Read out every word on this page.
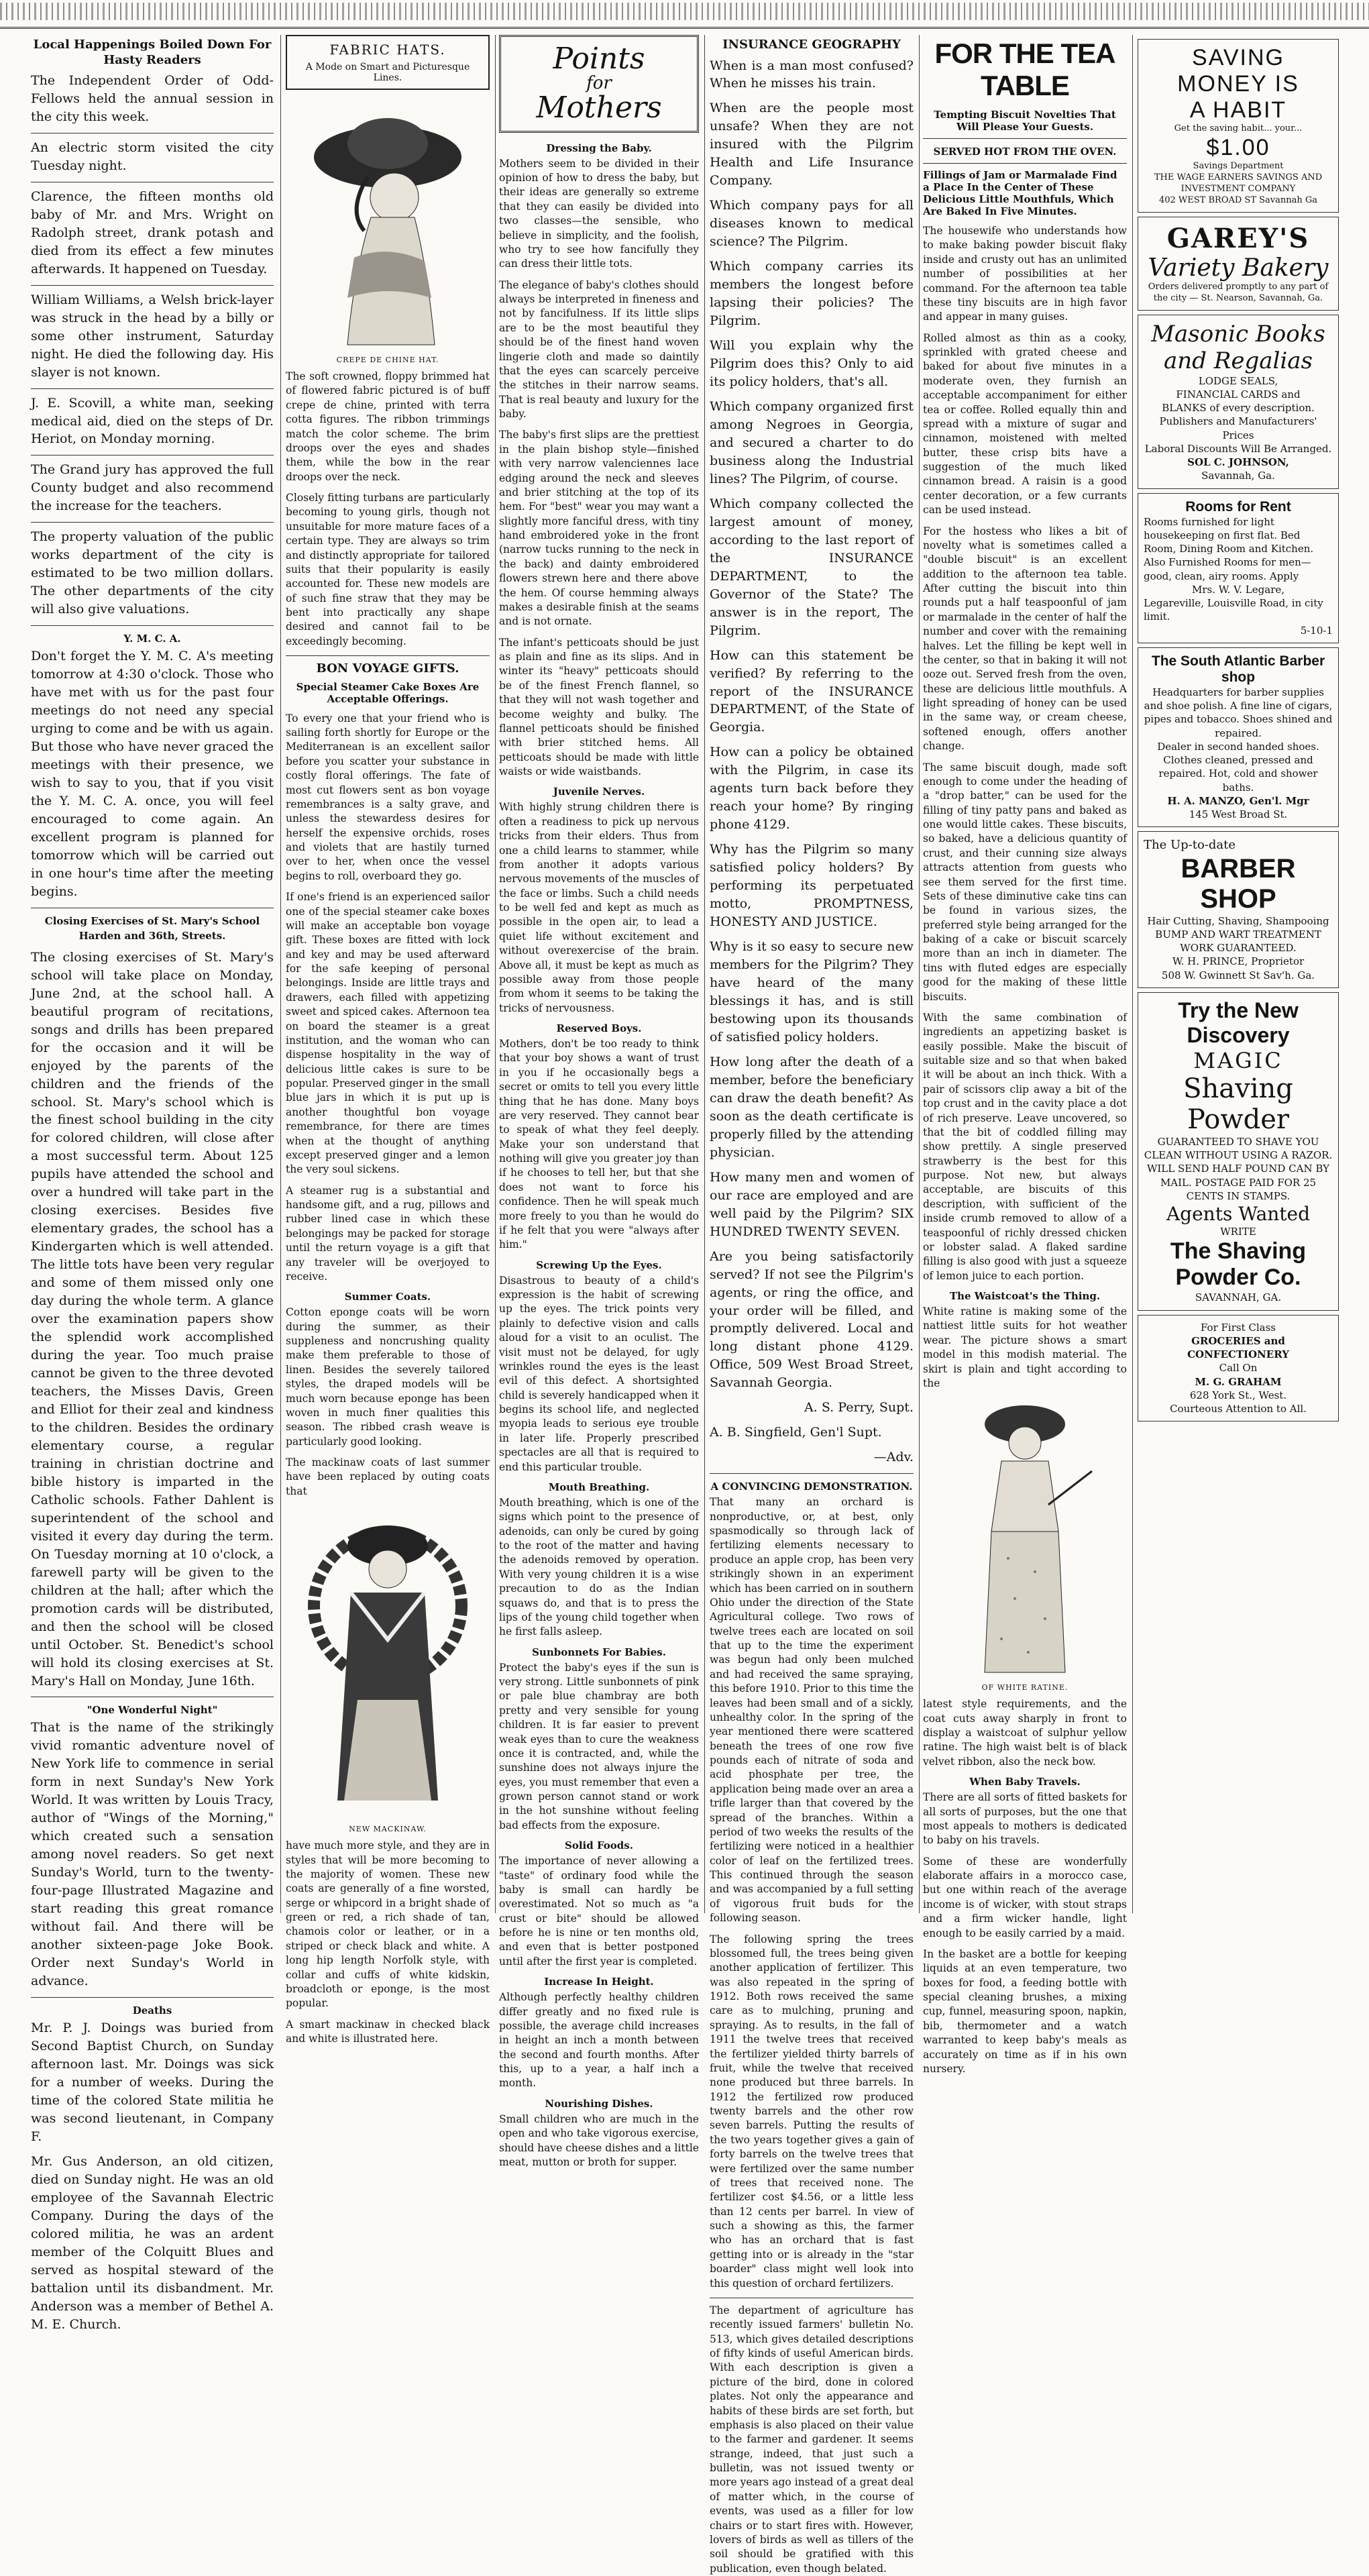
Local Happenings Boiled Down For Hasty Readers

The Independent Order of Odd-Fellows held the annual session in the city this week.

An electric storm visited the city Tuesday night.

Clarence, the fifteen months old baby of Mr. and Mrs. Wright on Radolph street, drank potash and died from its effect a few minutes afterwards. It happened on Tuesday.

William Williams, a Welsh brick-layer was struck in the head by a billy or some other instrument, Saturday night. He died the following day. His slayer is not known.

J. E. Scovill, a white man, seeking medical aid, died on the steps of Dr. Heriot, on Monday morning.

The Grand jury has approved the full County budget and also recommend the increase for the teachers.

The property valuation of the public works department of the city is estimated to be two million dollars. The other departments of the city will also give valuations.

Y. M. C. A.

Don't forget the Y. M. C. A's meeting tomorrow at 4:30 o'clock. Those who have met with us for the past four meetings do not need any special urging to come and be with us again. But those who have never graced the meetings with their presence, we wish to say to you, that if you visit the Y. M. C. A. once, you will feel encouraged to come again. An excellent program is planned for tomorrow which will be carried out in one hour's time after the meeting begins.

Closing Exercises of St. Mary's School
Harden and 36th, Streets.

The closing exercises of St. Mary's school will take place on Monday, June 2nd, at the school hall. A beautiful program of recitations, songs and drills has been prepared for the occasion and it will be enjoyed by the parents of the children and the friends of the school. St. Mary's school which is the finest school building in the city for colored children, will close after a most successful term. About 125 pupils have attended the school and over a hundred will take part in the closing exercises. Besides five elementary grades, the school has a Kindergarten which is well attended. The little tots have been very regular and some of them missed only one day during the whole term. A glance over the examination papers show the splendid work accomplished during the year. Too much praise cannot be given to the three devoted teachers, the Misses Davis, Green and Elliot for their zeal and kindness to the children. Besides the ordinary elementary course, a regular training in christian doctrine and bible history is imparted in the Catholic schools. Father Dahlent is superintendent of the school and visited it every day during the term. On Tuesday morning at 10 o'clock, a farewell party will be given to the children at the hall; after which the promotion cards will be distributed, and then the school will be closed until October. St. Benedict's school will hold its closing exercises at St. Mary's Hall on Monday, June 16th.

"One Wonderful Night"

That is the name of the strikingly vivid romantic adventure novel of New York life to commence in serial form in next Sunday's New York World. It was written by Louis Tracy, author of "Wings of the Morning," which created such a sensation among novel readers. So get next Sunday's World, turn to the twenty-four-page Illustrated Magazine and start reading this great romance without fail. And there will be another sixteen-page Joke Book. Order next Sunday's World in advance.

Deaths

Mr. P. J. Doings was buried from Second Baptist Church, on Sunday afternoon last. Mr. Doings was sick for a number of weeks. During the time of the colored State militia he was second lieutenant, in Company F.

Mr. Gus Anderson, an old citizen, died on Sunday night. He was an old employee of the Savannah Electric Company. During the days of the colored militia, he was an ardent member of the Colquitt Blues and served as hospital steward of the battalion until its disbandment. Mr. Anderson was a member of Bethel A. M. E. Church.

FABRIC HATS.
A Mode on Smart and Picturesque Lines.
CREPE DE CHINE HAT.

The soft crowned, floppy brimmed hat of flowered fabric pictured is of buff crepe de chine, printed with terra cotta figures. The ribbon trimmings match the color scheme. The brim droops over the eyes and shades them, while the bow in the rear droops over the neck.

Closely fitting turbans are particularly becoming to young girls, though not unsuitable for more mature faces of a certain type. They are always so trim and distinctly appropriate for tailored suits that their popularity is easily accounted for. These new models are of such fine straw that they may be bent into practically any shape desired and cannot fail to be exceedingly becoming.

BON VOYAGE GIFTS.
Special Steamer Cake Boxes Are Acceptable Offerings.

To every one that your friend who is sailing forth shortly for Europe or the Mediterranean is an excellent sailor before you scatter your substance in costly floral offerings. The fate of most cut flowers sent as bon voyage remembrances is a salty grave, and unless the stewardess desires for herself the expensive orchids, roses and violets that are hastily turned over to her, when once the vessel begins to roll, overboard they go.

If one's friend is an experienced sailor one of the special steamer cake boxes will make an acceptable bon voyage gift. These boxes are fitted with lock and key and may be used afterward for the safe keeping of personal belongings. Inside are little trays and drawers, each filled with appetizing sweet and spiced cakes. Afternoon tea on board the steamer is a great institution, and the woman who can dispense hospitality in the way of delicious little cakes is sure to be popular. Preserved ginger in the small blue jars in which it is put up is another thoughtful bon voyage remembrance, for there are times when at the thought of anything except preserved ginger and a lemon the very soul sickens.

A steamer rug is a substantial and handsome gift, and a rug, pillows and rubber lined case in which these belongings may be packed for storage until the return voyage is a gift that any traveler will be overjoyed to receive.

Summer Coats.

Cotton eponge coats will be worn during the summer, as their suppleness and noncrushing quality make them preferable to those of linen. Besides the severely tailored styles, the draped models will be much worn because eponge has been woven in much finer qualities this season. The ribbed crash weave is particularly good looking.

The mackinaw coats of last summer have been replaced by outing coats that

NEW MACKINAW.

have much more style, and they are in styles that will be more becoming to the majority of women. These new coats are generally of a fine worsted, serge or whipcord in a bright shade of green or red, a rich shade of tan, chamois color or leather, or in a striped or check black and white. A long hip length Norfolk style, with collar and cuffs of white kidskin, broadcloth or eponge, is the most popular.

A smart mackinaw in checked black and white is illustrated here.

Points
for
Mothers
Dressing the Baby.

Mothers seem to be divided in their opinion of how to dress the baby, but their ideas are generally so extreme that they can easily be divided into two classes—the sensible, who believe in simplicity, and the foolish, who try to see how fancifully they can dress their little tots.

The elegance of baby's clothes should always be interpreted in fineness and not by fancifulness. If its little slips are to be the most beautiful they should be of the finest hand woven lingerie cloth and made so daintily that the eyes can scarcely perceive the stitches in their narrow seams. That is real beauty and luxury for the baby.

The baby's first slips are the prettiest in the plain bishop style—finished with very narrow valenciennes lace edging around the neck and sleeves and brier stitching at the top of its hem. For "best" wear you may want a slightly more fanciful dress, with tiny hand embroidered yoke in the front (narrow tucks running to the neck in the back) and dainty embroidered flowers strewn here and there above the hem. Of course hemming always makes a desirable finish at the seams and is not ornate.

The infant's petticoats should be just as plain and fine as its slips. And in winter its "heavy" petticoats should be of the finest French flannel, so that they will not wash together and become weighty and bulky. The flannel petticoats should be finished with brier stitched hems. All petticoats should be made with little waists or wide waistbands.

Juvenile Nerves.

With highly strung children there is often a readiness to pick up nervous tricks from their elders. Thus from one a child learns to stammer, while from another it adopts various nervous movements of the muscles of the face or limbs. Such a child needs to be well fed and kept as much as possible in the open air, to lead a quiet life without excitement and without overexercise of the brain. Above all, it must be kept as much as possible away from those people from whom it seems to be taking the tricks of nervousness.

Reserved Boys.

Mothers, don't be too ready to think that your boy shows a want of trust in you if he occasionally begs a secret or omits to tell you every little thing that he has done. Many boys are very reserved. They cannot bear to speak of what they feel deeply. Make your son understand that nothing will give you greater joy than if he chooses to tell her, but that she does not want to force his confidence. Then he will speak much more freely to you than he would do if he felt that you were "always after him."

Screwing Up the Eyes.

Disastrous to beauty of a child's expression is the habit of screwing up the eyes. The trick points very plainly to defective vision and calls aloud for a visit to an oculist. The visit must not be delayed, for ugly wrinkles round the eyes is the least evil of this defect. A shortsighted child is severely handicapped when it begins its school life, and neglected myopia leads to serious eye trouble in later life. Properly prescribed spectacles are all that is required to end this particular trouble.

Mouth Breathing.

Mouth breathing, which is one of the signs which point to the presence of adenoids, can only be cured by going to the root of the matter and having the adenoids removed by operation. With very young children it is a wise precaution to do as the Indian squaws do, and that is to press the lips of the young child together when he first falls asleep.

Sunbonnets For Babies.

Protect the baby's eyes if the sun is very strong. Little sunbonnets of pink or pale blue chambray are both pretty and very sensible for young children. It is far easier to prevent weak eyes than to cure the weakness once it is contracted, and, while the sunshine does not always injure the eyes, you must remember that even a grown person cannot stand or work in the hot sunshine without feeling bad effects from the exposure.

Solid Foods.

The importance of never allowing a "taste" of ordinary food while the baby is small can hardly be overestimated. Not so much as "a crust or bite" should be allowed before he is nine or ten months old, and even that is better postponed until after the first year is completed.

Increase In Height.

Although perfectly healthy children differ greatly and no fixed rule is possible, the average child increases in height an inch a month between the second and fourth months. After this, up to a year, a half inch a month.

Nourishing Dishes.

Small children who are much in the open and who take vigorous exercise, should have cheese dishes and a little meat, mutton or broth for supper.

INSURANCE GEOGRAPHY

When is a man most confused? When he misses his train.

When are the people most unsafe? When they are not insured with the Pilgrim Health and Life Insurance Company.

Which company pays for all diseases known to medical science? The Pilgrim.

Which company carries its members the longest before lapsing their policies? The Pilgrim.

Will you explain why the Pilgrim does this? Only to aid its policy holders, that's all.

Which company organized first among Negroes in Georgia, and secured a charter to do business along the Industrial lines? The Pilgrim, of course.

Which company collected the largest amount of money, according to the last report of the INSURANCE DEPARTMENT, to the Governor of the State? The answer is in the report, The Pilgrim.

How can this statement be verified? By referring to the report of the INSURANCE DEPARTMENT, of the State of Georgia.

How can a policy be obtained with the Pilgrim, in case its agents turn back before they reach your home? By ringing phone 4129.

Why has the Pilgrim so many satisfied policy holders? By performing its perpetuated motto, PROMPTNESS, HONESTY AND JUSTICE.

Why is it so easy to secure new members for the Pilgrim? They have heard of the many blessings it has, and is still bestowing upon its thousands of satisfied policy holders.

How long after the death of a member, before the beneficiary can draw the death benefit? As soon as the death certificate is properly filled by the attending physician.

How many men and women of our race are employed and are well paid by the Pilgrim? SIX HUNDRED TWENTY SEVEN.

Are you being satisfactorily served? If not see the Pilgrim's agents, or ring the office, and your order will be filled, and promptly delivered. Local and long distant phone 4129. Office, 509 West Broad Street, Savannah Georgia.

A. S. Perry, Supt.

A. B. Singfield, Gen'l Supt.

—Adv.

A CONVINCING DEMONSTRATION.

That many an orchard is nonproductive, or, at best, only spasmodically so through lack of fertilizing elements necessary to produce an apple crop, has been very strikingly shown in an experiment which has been carried on in southern Ohio under the direction of the State Agricultural college. Two rows of twelve trees each are located on soil that up to the time the experiment was begun had only been mulched and had received the same spraying, this before 1910. Prior to this time the leaves had been small and of a sickly, unhealthy color. In the spring of the year mentioned there were scattered beneath the trees of one row five pounds each of nitrate of soda and acid phosphate per tree, the application being made over an area a trifle larger than that covered by the spread of the branches. Within a period of two weeks the results of the fertilizing were noticed in a healthier color of leaf on the fertilized trees. This continued through the season and was accompanied by a full setting of vigorous fruit buds for the following season.

The following spring the trees blossomed full, the trees being given another application of fertilizer. This was also repeated in the spring of 1912. Both rows received the same care as to mulching, pruning and spraying. As to results, in the fall of 1911 the twelve trees that received the fertilizer yielded thirty barrels of fruit, while the twelve that received none produced but three barrels. In 1912 the fertilized row produced twenty barrels and the other row seven barrels. Putting the results of the two years together gives a gain of forty barrels on the twelve trees that were fertilized over the same number of trees that received none. The fertilizer cost $4.56, or a little less than 12 cents per barrel. In view of such a showing as this, the farmer who has an orchard that is fast getting into or is already in the "star boarder" class might well look into this question of orchard fertilizers.

The department of agriculture has recently issued farmers' bulletin No. 513, which gives detailed descriptions of fifty kinds of useful American birds. With each description is given a picture of the bird, done in colored plates. Not only the appearance and habits of these birds are set forth, but emphasis is also placed on their value to the farmer and gardener. It seems strange, indeed, that just such a bulletin, was not issued twenty or more years ago instead of a great deal of matter which, in the course of events, was used as a filler for low chairs or to start fires with. However, lovers of birds as well as tillers of the soil should be gratified with this publication, even though belated.

FOR THE TEA TABLE
Tempting Biscuit Novelties That Will Please Your Guests.
SERVED HOT FROM THE OVEN.
Fillings of Jam or Marmalade Find a Place In the Center of These Delicious Little Mouthfuls, Which Are Baked In Five Minutes.

The housewife who understands how to make baking powder biscuit flaky inside and crusty out has an unlimited number of possibilities at her command. For the afternoon tea table these tiny biscuits are in high favor and appear in many guises.

Rolled almost as thin as a cooky, sprinkled with grated cheese and baked for about five minutes in a moderate oven, they furnish an acceptable accompaniment for either tea or coffee. Rolled equally thin and spread with a mixture of sugar and cinnamon, moistened with melted butter, these crisp bits have a suggestion of the much liked cinnamon bread. A raisin is a good center decoration, or a few currants can be used instead.

For the hostess who likes a bit of novelty what is sometimes called a "double biscuit" is an excellent addition to the afternoon tea table. After cutting the biscuit into thin rounds put a half teaspoonful of jam or marmalade in the center of half the number and cover with the remaining halves. Let the filling be kept well in the center, so that in baking it will not ooze out. Served fresh from the oven, these are delicious little mouthfuls. A light spreading of honey can be used in the same way, or cream cheese, softened enough, offers another change.

The same biscuit dough, made soft enough to come under the heading of a "drop batter," can be used for the filling of tiny patty pans and baked as one would little cakes. These biscuits, so baked, have a delicious quantity of crust, and their cunning size always attracts attention from guests who see them served for the first time. Sets of these diminutive cake tins can be found in various sizes, the preferred style being arranged for the baking of a cake or biscuit scarcely more than an inch in diameter. The tins with fluted edges are especially good for the making of these little biscuits.

With the same combination of ingredients an appetizing basket is easily possible. Make the biscuit of suitable size and so that when baked it will be about an inch thick. With a pair of scissors clip away a bit of the top crust and in the cavity place a dot of rich preserve. Leave uncovered, so that the bit of coddled filling may show prettily. A single preserved strawberry is the best for this purpose. Not new, but always acceptable, are biscuits of this description, with sufficient of the inside crumb removed to allow of a teaspoonful of richly dressed chicken or lobster salad. A flaked sardine filling is also good with just a squeeze of lemon juice to each portion.

The Waistcoat's the Thing.

White ratine is making some of the nattiest little suits for hot weather wear. The picture shows a smart model in this modish material. The skirt is plain and tight according to the

OF WHITE RATINE.

latest style requirements, and the coat cuts away sharply in front to display a waistcoat of sulphur yellow ratine. The high waist belt is of black velvet ribbon, also the neck bow.

When Baby Travels.

There are all sorts of fitted baskets for all sorts of purposes, but the one that most appeals to mothers is dedicated to baby on his travels.

Some of these are wonderfully elaborate affairs in a morocco case, but one within reach of the average income is of wicker, with stout straps and a firm wicker handle, light enough to be easily carried by a maid.

In the basket are a bottle for keeping liquids at an even temperature, two boxes for food, a feeding bottle with special cleaning brushes, a mixing cup, funnel, measuring spoon, napkin, bib, thermometer and a watch warranted to keep baby's meals as accurately on time as if in his own nursery.

SAVING
MONEY IS
A HABIT
Get the saving habit... your...
$1.00
Savings Department
THE WAGE EARNERS SAVINGS AND INVESTMENT COMPANY
402 WEST BROAD ST Savannah Ga
GAREY'S
Variety Bakery
Orders delivered promptly to any part of the city — St. Nearson, Savannah, Ga.
Masonic Books
and Regalias
LODGE SEALS,
FINANCIAL CARDS and
BLANKS of every description.
Publishers and Manufacturers' Prices
Laboral Discounts Will Be Arranged.
SOL C. JOHNSON,
Savannah, Ga.
Rooms for Rent
Rooms furnished for light housekeeping on first flat. Bed Room, Dining Room and Kitchen. Also Furnished Rooms for men—good, clean, airy rooms. Apply
Mrs. W. V. Legare,
Legareville, Louisville Road, in city limit.
5-10-1
The South Atlantic Barber shop
Headquarters for barber supplies and shoe polish. A fine line of cigars, pipes and tobacco. Shoes shined and repaired.
Dealer in second handed shoes. Clothes cleaned, pressed and repaired. Hot, cold and shower baths.
H. A. MANZO, Gen'l. Mgr
145 West Broad St.
The Up-to-date
BARBER SHOP
Hair Cutting, Shaving, Shampooing
BUMP AND WART TREATMENT
WORK GUARANTEED.
W. H. PRINCE, Proprietor
508 W. Gwinnett St Sav'h. Ga.
Try the New Discovery
MAGIC
Shaving Powder
GUARANTEED TO SHAVE YOU CLEAN WITHOUT USING A RAZOR. WILL SEND HALF POUND CAN BY MAIL. POSTAGE PAID FOR 25 CENTS IN STAMPS.
Agents Wanted
WRITE
The Shaving Powder Co.
SAVANNAH, GA.
For First Class
GROCERIES and CONFECTIONERY
Call On
M. G. GRAHAM
628 York St., West.
Courteous Attention to All.
